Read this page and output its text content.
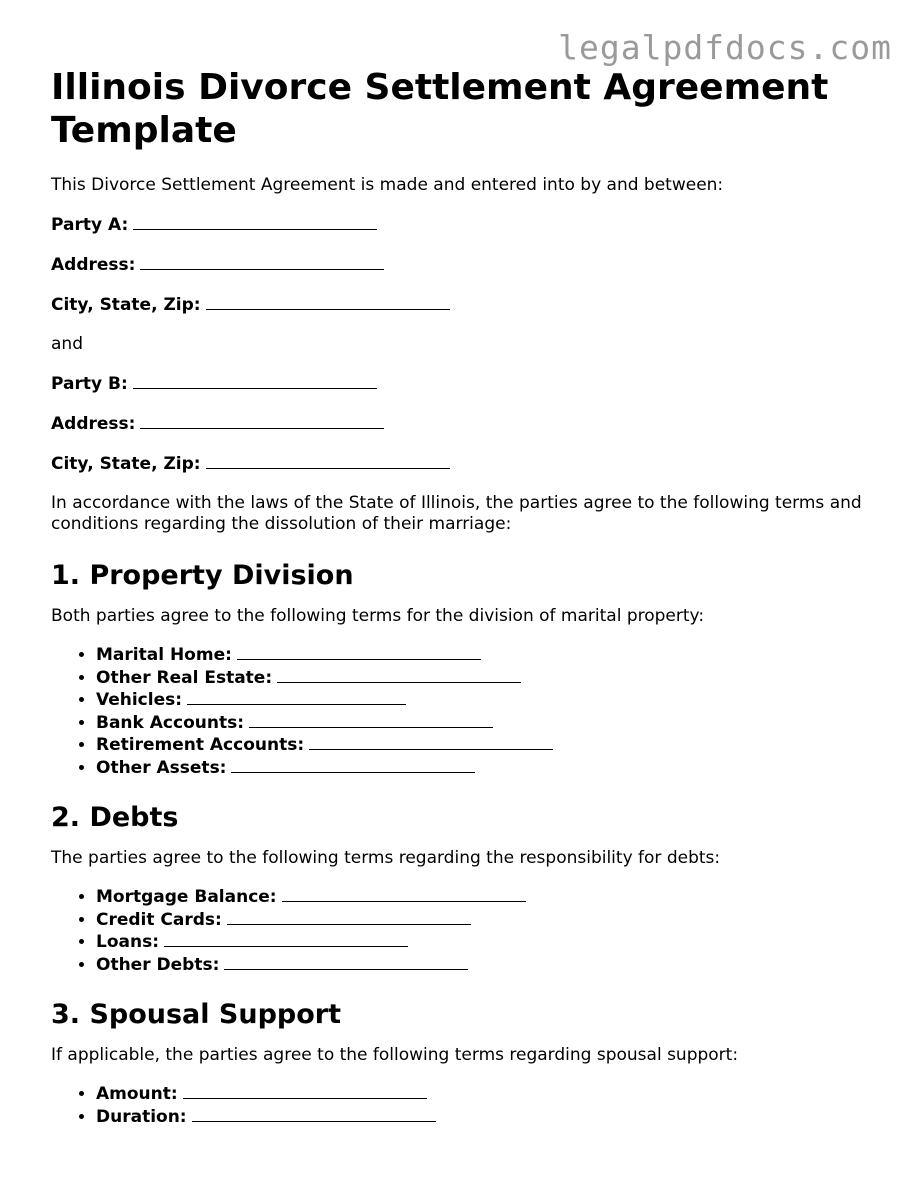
legalpdfdocs.com
Illinois Divorce Settlement Agreement Template

This Divorce Settlement Agreement is made and entered into by and between:

Party A:
Address:
City, State, Zip:

and

Party B:
Address:
City, State, Zip:

In accordance with the laws of the State of Illinois, the parties agree to the following terms and conditions regarding the dissolution of their marriage:

1. Property Division

Both parties agree to the following terms for the division of marital property:

• Marital Home:
• Other Real Estate:
• Vehicles:
• Bank Accounts:
• Retirement Accounts:
• Other Assets:
2. Debts

The parties agree to the following terms regarding the responsibility for debts:

• Mortgage Balance:
• Credit Cards:
• Loans:
• Other Debts:
3. Spousal Support

If applicable, the parties agree to the following terms regarding spousal support:

• Amount:
• Duration:
